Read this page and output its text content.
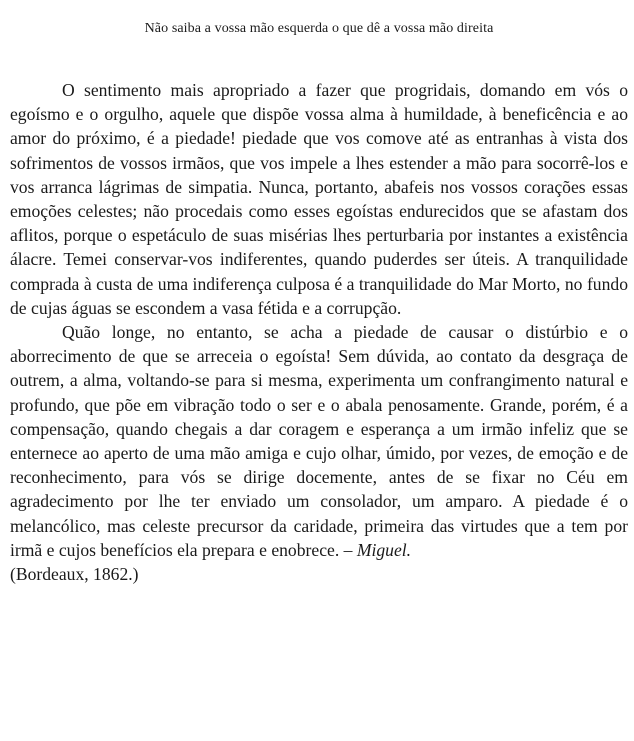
Não saiba a vossa mão esquerda o que dê a vossa mão direita

O sentimento mais apropriado a fazer que progridais, domando em vós o egoísmo e o orgulho, aquele que dispõe vossa alma à humildade, à beneficência e ao amor do próximo, é a piedade! piedade que vos comove até as entranhas à vista dos sofrimentos de vossos irmãos, que vos impele a lhes estender a mão para socorrê-los e vos arranca lágrimas de simpatia. Nunca, portanto, abafeis nos vossos corações essas emoções celestes; não procedais como esses egoístas endurecidos que se afastam dos aflitos, porque o espetáculo de suas misérias lhes perturbaria por instantes a existência álacre. Temei conservar-vos indiferentes, quando puderdes ser úteis. A tranquilidade comprada à custa de uma indiferença culposa é a tranquilidade do Mar Morto, no fundo de cujas águas se escondem a vasa fétida e a corrupção.

Quão longe, no entanto, se acha a piedade de causar o distúrbio e o aborrecimento de que se arreceia o egoísta! Sem dúvida, ao contato da desgraça de outrem, a alma, voltando-se para si mesma, experimenta um confrangimento natural e profundo, que põe em vibração todo o ser e o abala penosamente. Grande, porém, é a compensação, quando chegais a dar coragem e esperança a um irmão infeliz que se enternece ao aperto de uma mão amiga e cujo olhar, úmido, por vezes, de emoção e de reconhecimento, para vós se dirige docemente, antes de se fixar no Céu em agradecimento por lhe ter enviado um consolador, um amparo. A piedade é o melancólico, mas celeste precursor da caridade, primeira das virtudes que a tem por irmã e cujos benefícios ela prepara e enobrece. – Miguel.
(Bordeaux, 1862.)
